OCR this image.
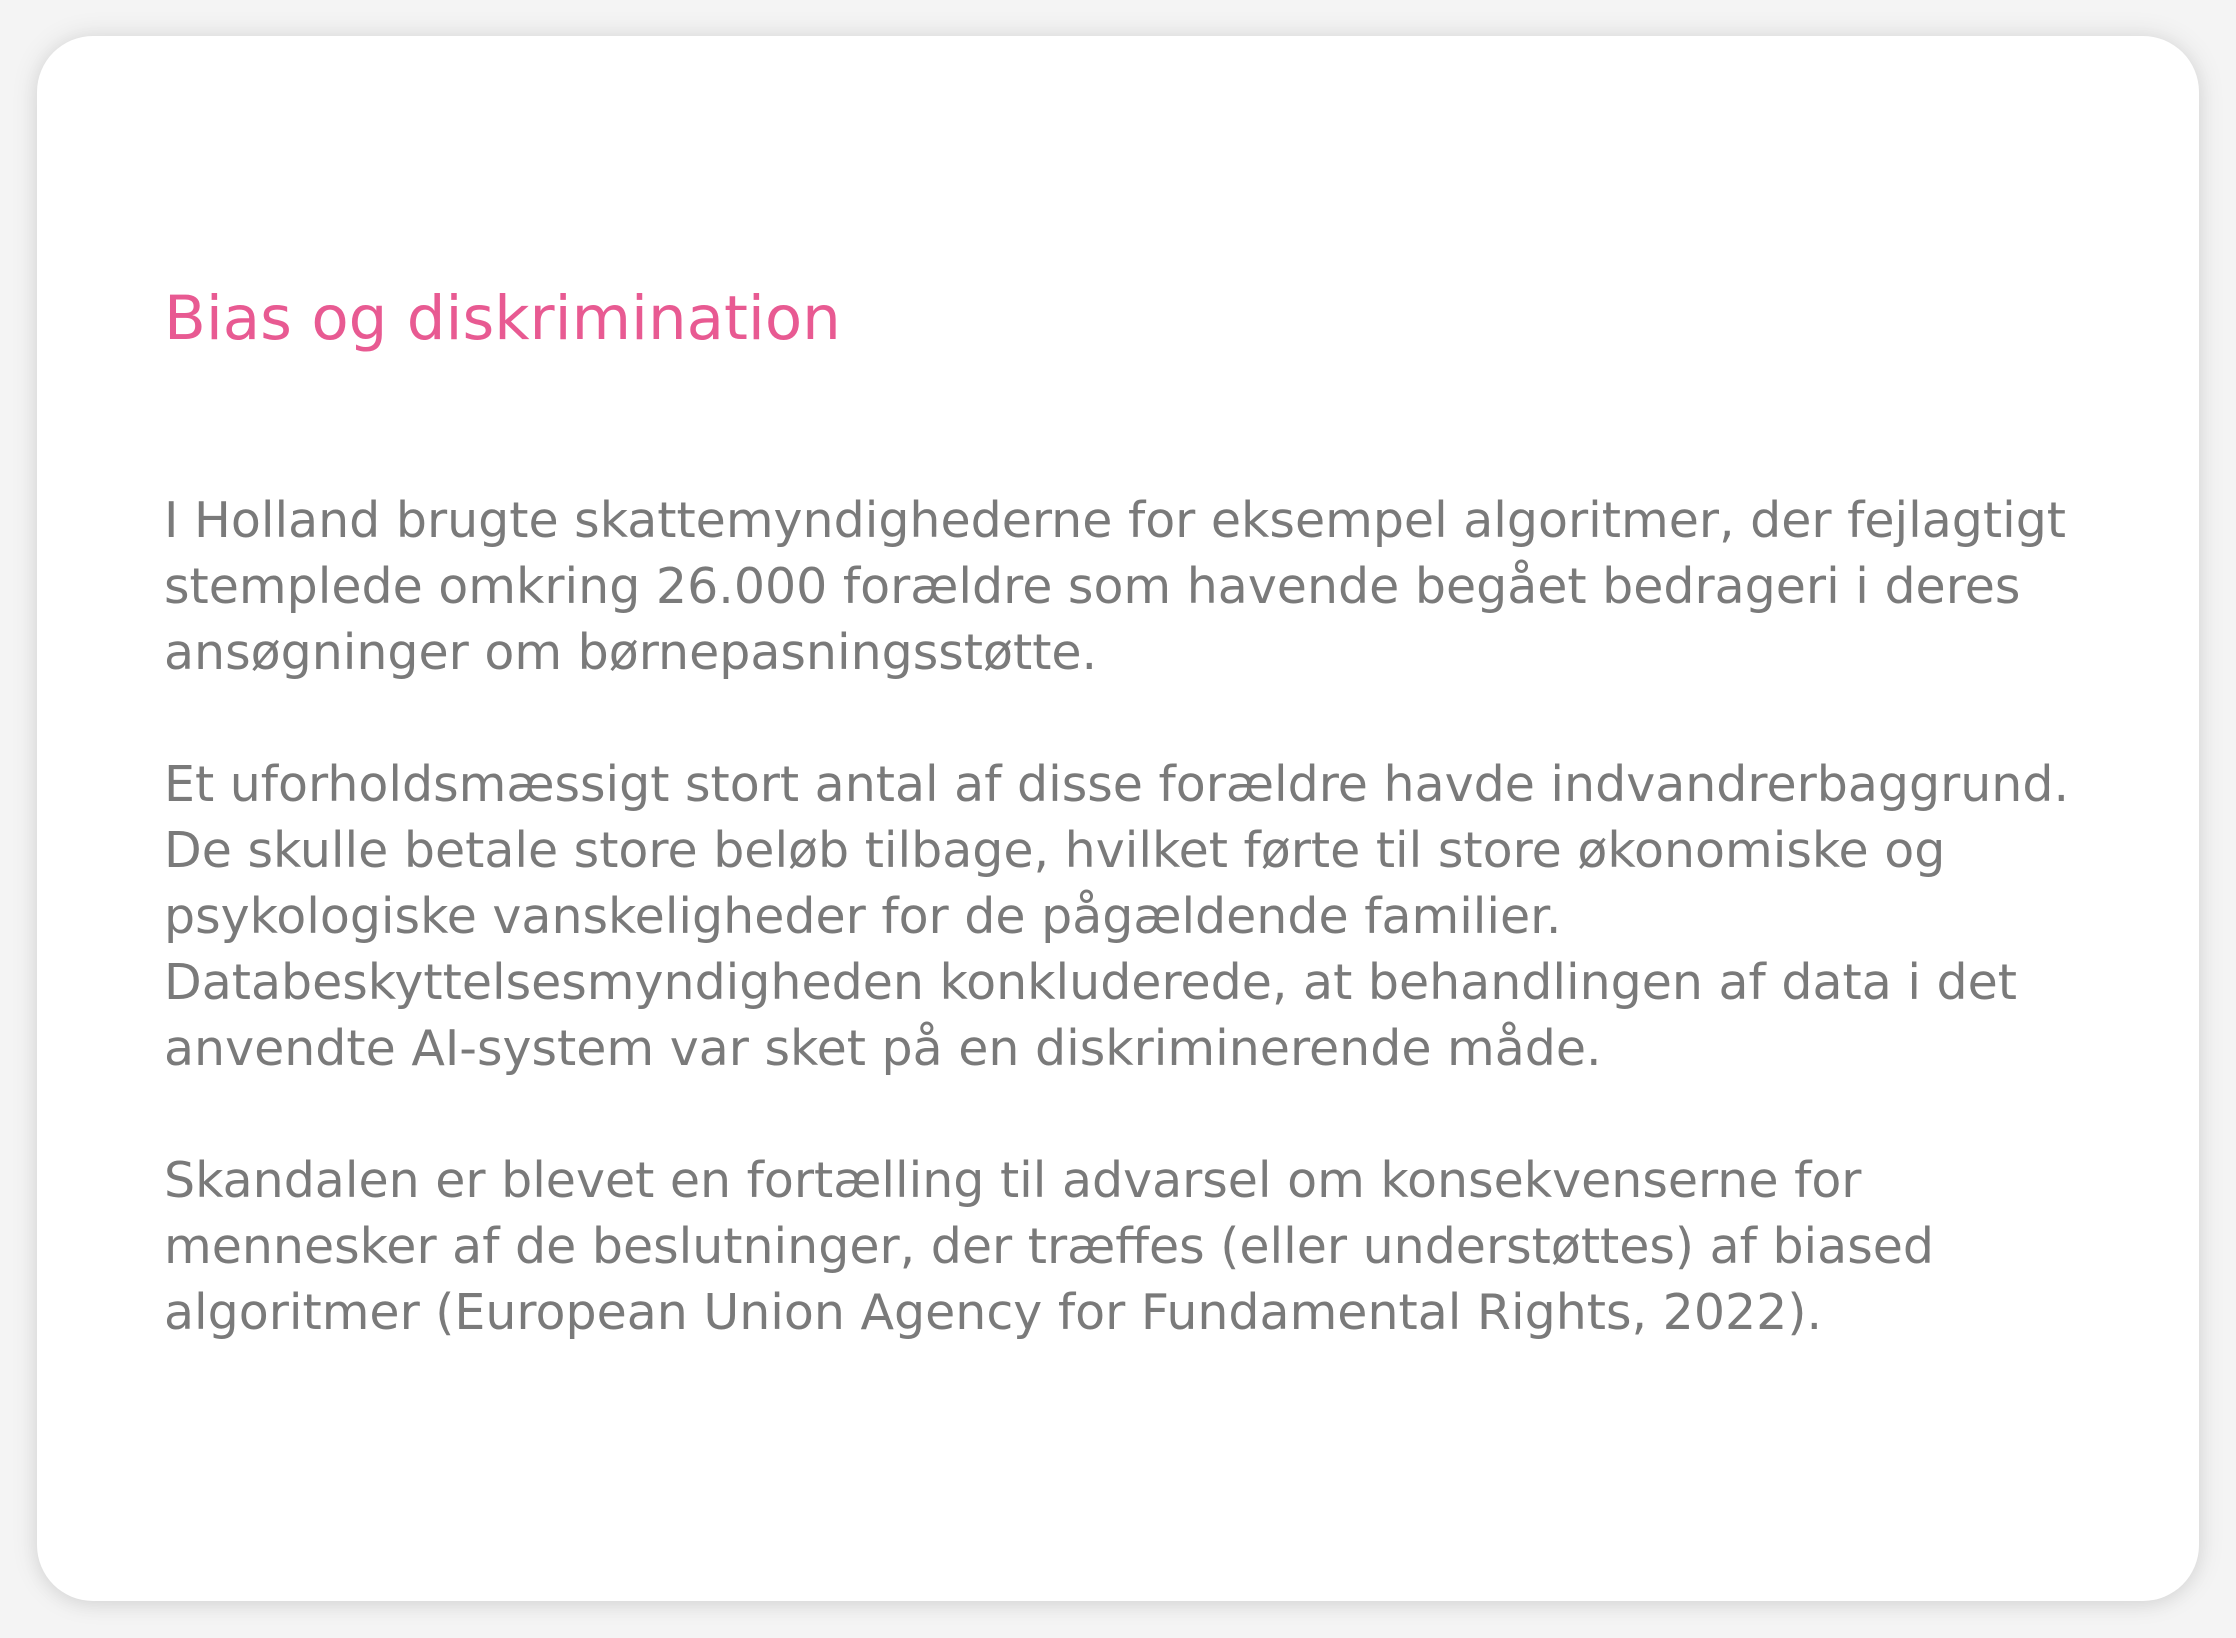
Bias og diskrimination

I Holland brugte skattemyndighederne for eksempel algoritmer, der fejlagtigt stemplede omkring 26.000 forældre som havende begået bedrageri i deres ansøgninger om børnepasningsstøtte.

Et uforholdsmæssigt stort antal af disse forældre havde indvandrerbaggrund. De skulle betale store beløb tilbage, hvilket førte til store økonomiske og psykologiske vanskeligheder for de pågældende familier. Databeskyttelsesmyndigheden konkluderede, at behandlingen af data i det anvendte AI-system var sket på en diskriminerende måde.

Skandalen er blevet en fortælling til advarsel om konsekvenserne for mennesker af de beslutninger, der træffes (eller understøttes) af biased algoritmer (European Union Agency for Fundamental Rights, 2022).
